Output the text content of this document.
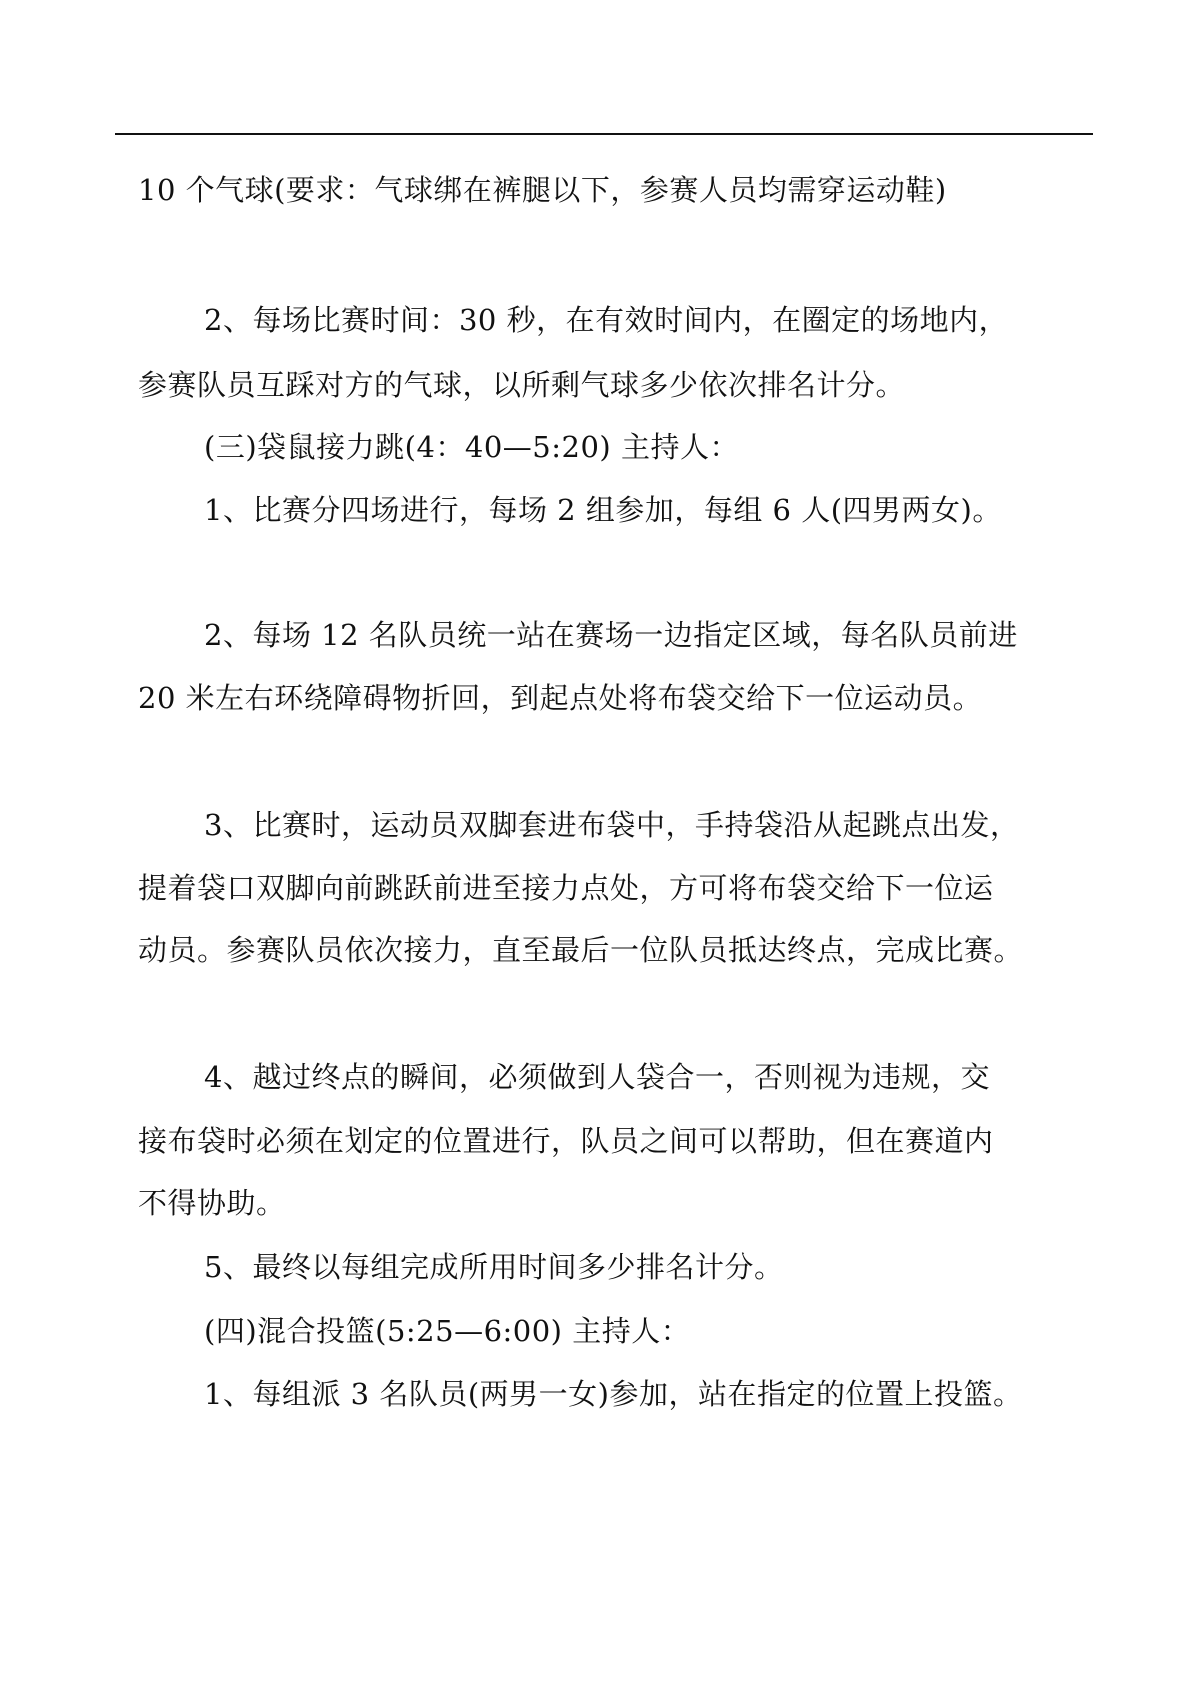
10 个气球(要求：气球绑在裤腿以下，参赛人员均需穿运动鞋)
2、每场比赛时间：30 秒，在有效时间内，在圈定的场地内，
参赛队员互踩对方的气球，以所剩气球多少依次排名计分。
(三)袋鼠接力跳(4：40—5:20) 主持人：
1、比赛分四场进行，每场 2 组参加，每组 6 人(四男两女)。
2、每场 12 名队员统一站在赛场一边指定区域，每名队员前进
20 米左右环绕障碍物折回，到起点处将布袋交给下一位运动员。
3、比赛时，运动员双脚套进布袋中，手持袋沿从起跳点出发，
提着袋口双脚向前跳跃前进至接力点处，方可将布袋交给下一位运
动员。参赛队员依次接力，直至最后一位队员抵达终点，完成比赛。
4、越过终点的瞬间，必须做到人袋合一，否则视为违规，交
接布袋时必须在划定的位置进行，队员之间可以帮助，但在赛道内
不得协助。
5、最终以每组完成所用时间多少排名计分。
(四)混合投篮(5:25—6:00) 主持人：
1、每组派 3 名队员(两男一女)参加，站在指定的位置上投篮。
